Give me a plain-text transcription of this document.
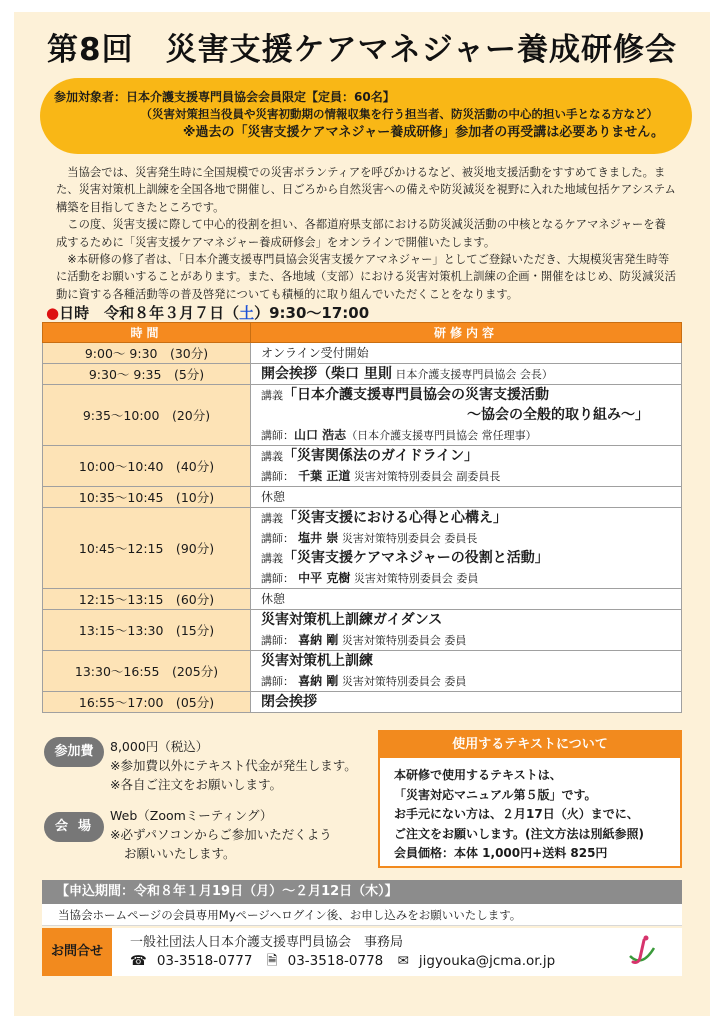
第8回　災害支援ケアマネジャー養成研修会
参加対象者：日本介護支援専門員協会会員限定【定員：60名】
（災害対策担当役員や災害初動期の情報収集を行う担当者、防災活動の中心的担い手となる方など）
※過去の「災害支援ケアマネジャー養成研修」参加者の再受講は必要ありません。

当協会では、災害発生時に全国規模での災害ボランティアを呼びかけるなど、被災地支援活動をすすめてきました。また、災害対策机上訓練を全国各地で開催し、日ごろから自然災害への備えや防災減災を視野に入れた地域包括ケアシステム構築を目指してきたところです。

この度、災害支援に際して中心的役割を担い、各都道府県支部における防災減災活動の中核となるケアマネジャーを養成するために「災害支援ケアマネジャー養成研修会」をオンラインで開催いたします。

※本研修の修了者は、「日本介護支援専門員協会災害支援ケアマネジャー」としてご登録いただき、大規模災害発生時等に活動をお願いすることがあります。また、各地域（支部）における災害対策机上訓練の企画・開催をはじめ、防災減災活動に資する各種活動等の普及啓発についても積極的に取り組んでいただくことをなります。

●日時　令和８年３月７日（土）9:30〜17:00
時間	研修内容
9:00〜 9:30　(30分)	オンライン受付開始

9:30〜 9:35　(5分)	開会挨拶（柴口 里則 日本介護支援専門員協会 会長）

9:35〜10:00　(20分)	講義「日本介護支援専門員協会の災害支援活動
〜協会の全般的取り組み〜」
講師：山口 浩志（日本介護支援専門員協会 常任理事）

10:00〜10:40　(40分)	講義「災害関係法のガイドライン」
講師： 千葉 正道 災害対策特別委員会 副委員長

10:35〜10:45　(10分)	休憩

10:45〜12:15　(90分)	講義「災害支援における心得と心構え」
講師： 塩井 崇 災害対策特別委員会 委員長
講義「災害支援ケアマネジャーの役割と活動」
講師： 中平 克樹 災害対策特別委員会 委員

12:15〜13:15　(60分)	休憩

13:15〜13:30　(15分)	災害対策机上訓練ガイダンス
講師： 喜納 剛 災害対策特別委員会 委員

13:30〜16:55　(205分)	災害対策机上訓練
講師： 喜納 剛 災害対策特別委員会 委員

16:55〜17:00　(05分)	閉会挨拶
参加費	8,000円（税込）
※参加費以外にテキスト代金が発生します。
※各自ご注文をお願いします。
会場
Web（Zoomミーティング）
※必ずパソコンからご参加いただくよう
お願いいたします。
使用するテキストについて
本研修で使用するテキストは、
「災害対応マニュアル第５版」です。
お手元にない方は、２月17日（火）までに、
ご注文をお願いします。(注文方法は別紙参照)
会員価格：本体 1,000円+送料 825円
【申込期間：令和８年１月19日（月）〜２月12日（木）】
当協会ホームページの会員専用Myページへログイン後、お申し込みをお願いいたします。
お問合せ
一般社団法人日本介護支援専門員協会　事務局
☎ 03-3518-0777 🗎 03-3518-0778 ✉ jigyouka@jcma.or.jp
